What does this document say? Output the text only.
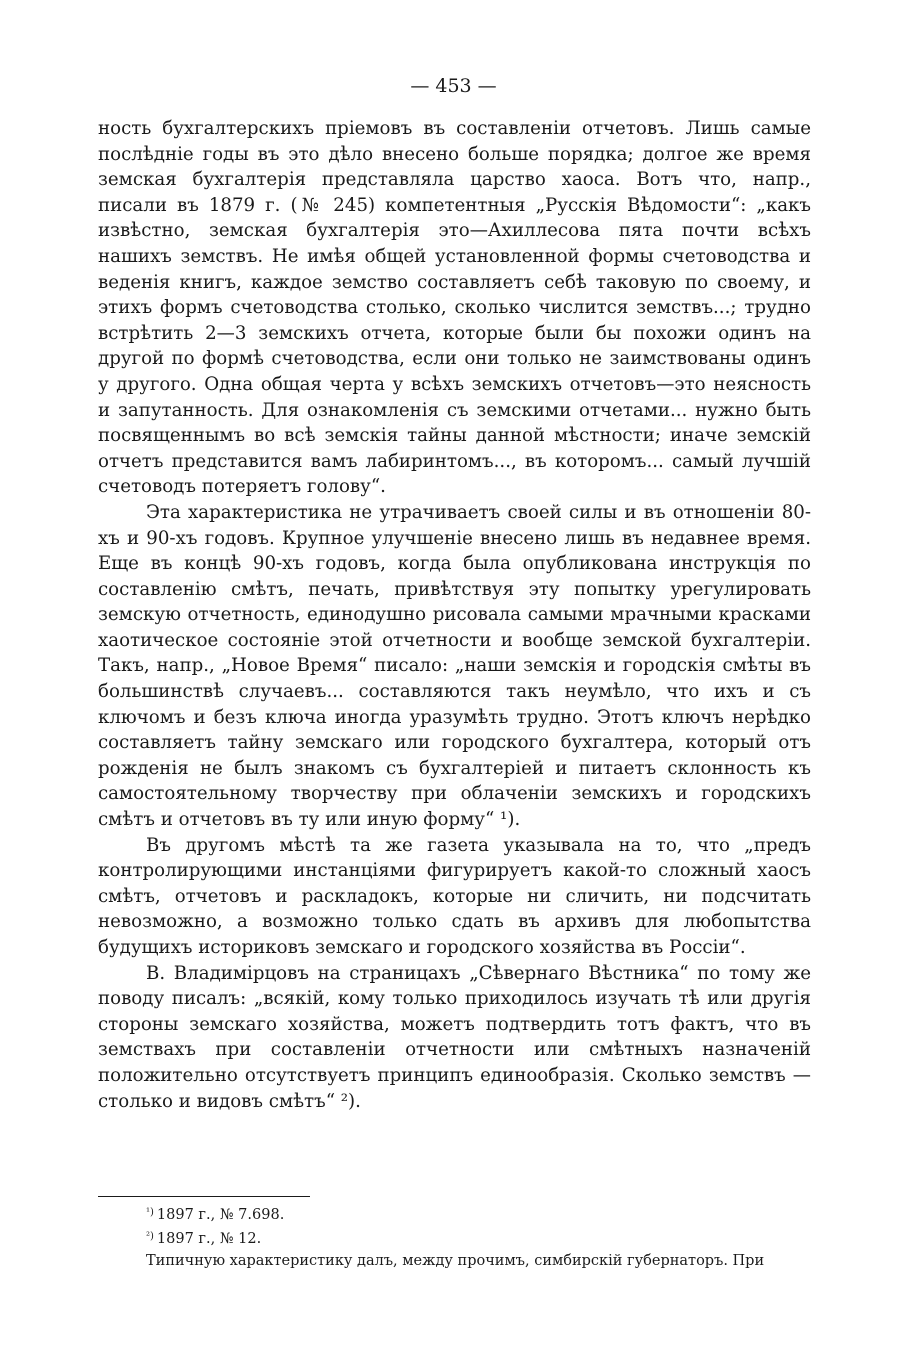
— 453 —

ность бухгалтерскихъ пріемовъ въ составленіи отчетовъ. Лишь самые послѣдніе годы въ это дѣло внесено больше порядка; долгое же время земская бухгалтерія представляла царство хаоса. Вотъ что, напр., писали въ 1879 г. (№ 245) компетентныя „Русскія Вѣдомости“: „какъ извѣстно, земская бухгалтерія это—Ахиллесова пята почти всѣхъ нашихъ земствъ. Не имѣя общей установленной формы счетоводства и веденія книгъ, каждое земство составляетъ себѣ таковую по своему, и этихъ формъ счетоводства столько, сколько числится земствъ...; трудно встрѣтить 2—3 земскихъ отчета, которые были бы похожи одинъ на другой по формѣ счетоводства, если они только не заимствованы одинъ у другого. Одна общая черта у всѣхъ земскихъ отчетовъ—это неясность и запутанность. Для ознакомленія съ земскими отчетами... нужно быть посвященнымъ во всѣ земскія тайны данной мѣстности; иначе земскій отчетъ представится вамъ лабиринтомъ..., въ которомъ... самый лучшій счетоводъ потеряетъ голову“.

Эта характеристика не утрачиваетъ своей силы и въ отношеніи 80-хъ и 90-хъ годовъ. Крупное улучшеніе внесено лишь въ недавнее время. Еще въ концѣ 90-хъ годовъ, когда была опубликована инструкція по составленію смѣтъ, печать, привѣтствуя эту попытку урегулировать земскую отчетность, единодушно рисовала самыми мрачными красками хаотическое состояніе этой отчетности и вообще земской бухгалтеріи. Такъ, напр., „Новое Время“ писало: „наши земскія и городскія смѣты въ большинствѣ случаевъ... составляются такъ неумѣло, что ихъ и съ ключомъ и безъ ключа иногда уразумѣть трудно. Этотъ ключъ нерѣдко составляетъ тайну земскаго или городского бухгалтера, который отъ рожденія не былъ знакомъ съ бухгалтеріей и питаетъ склонность къ самостоятельному творчеству при облаченіи земскихъ и городскихъ смѣтъ и отчетовъ въ ту или иную форму“ ¹).

Въ другомъ мѣстѣ та же газета указывала на то, что „предъ контролирующими инстанціями фигурируетъ какой-то сложный хаосъ смѣтъ, отчетовъ и раскладокъ, которые ни сличить, ни подсчитать невозможно, а возможно только сдать въ архивъ для любопытства будущихъ историковъ земскаго и городского хозяйства въ Россіи“.

В. Владимірцовъ на страницахъ „Сѣвернаго Вѣстника“ по тому же поводу писалъ: „всякій, кому только приходилось изучать тѣ или другія стороны земскаго хозяйства, можетъ подтвердить тотъ фактъ, что въ земствахъ при составленіи отчетности или смѣтныхъ назначеній положительно отсутствуетъ принципъ единообразія. Сколько земствъ — столько и видовъ смѣтъ“ ²).

$^{^1)}$ 1897 г., № 7.698.

$^{^2)}$ 1897 г., № 12.

Типичную характеристику далъ, между прочимъ, симбирскій губернаторъ. При
